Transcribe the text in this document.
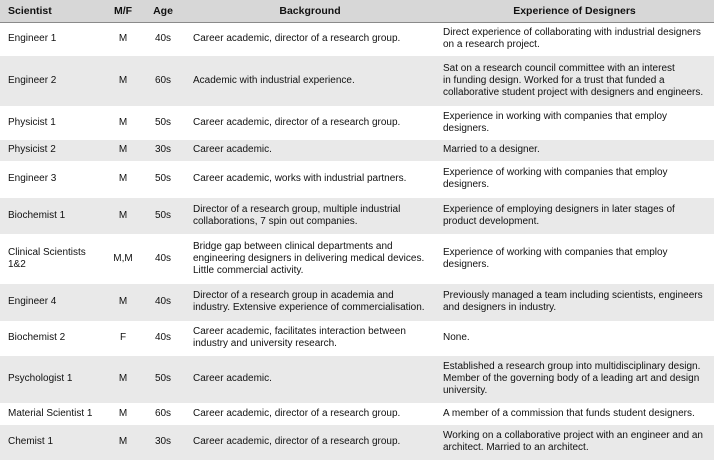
Scientist	M/F	Age	Background	Experience of Designers
Engineer 1	M	40s	Career academic, director of a research group.	Direct experience of collaborating with industrial designers
on a research project.
Engineer 2	M	60s	Academic with industrial experience.	Sat on a research council committee with an interest
in funding design. Worked for a trust that funded a
collaborative student project with designers and engineers.
Physicist 1	M	50s	Career academic, director of a research group.	Experience in working with companies that employ
designers.
Physicist 2	M	30s	Career academic.	Married to a designer.
Engineer 3	M	50s	Career academic, works with industrial partners.	Experience of working with companies that employ
designers.
Biochemist 1	M	50s	Director of a research group, multiple industrial
collaborations, 7 spin out companies.	Experience of employing designers in later stages of
product development.
Clinical Scientists
1&2	M,M	40s	Bridge gap between clinical departments and
engineering designers in delivering medical devices.
Little commercial activity.	Experience of working with companies that employ
designers.
Engineer 4	M	40s	Director of a research group in academia and
industry. Extensive experience of commercialisation.	Previously managed a team including scientists, engineers
and designers in industry.
Biochemist 2	F	40s	Career academic, facilitates interaction between
industry and university research.	None.
Psychologist 1	M	50s	Career academic.	Established a research group into multidisciplinary design.
Member of the governing body of a leading art and design
university.
Material Scientist 1	M	60s	Career academic, director of a research group.	A member of a commission that funds student designers.
Chemist 1	M	30s	Career academic, director of a research group.	Working on a collaborative project with an engineer and an
architect. Married to an architect.
